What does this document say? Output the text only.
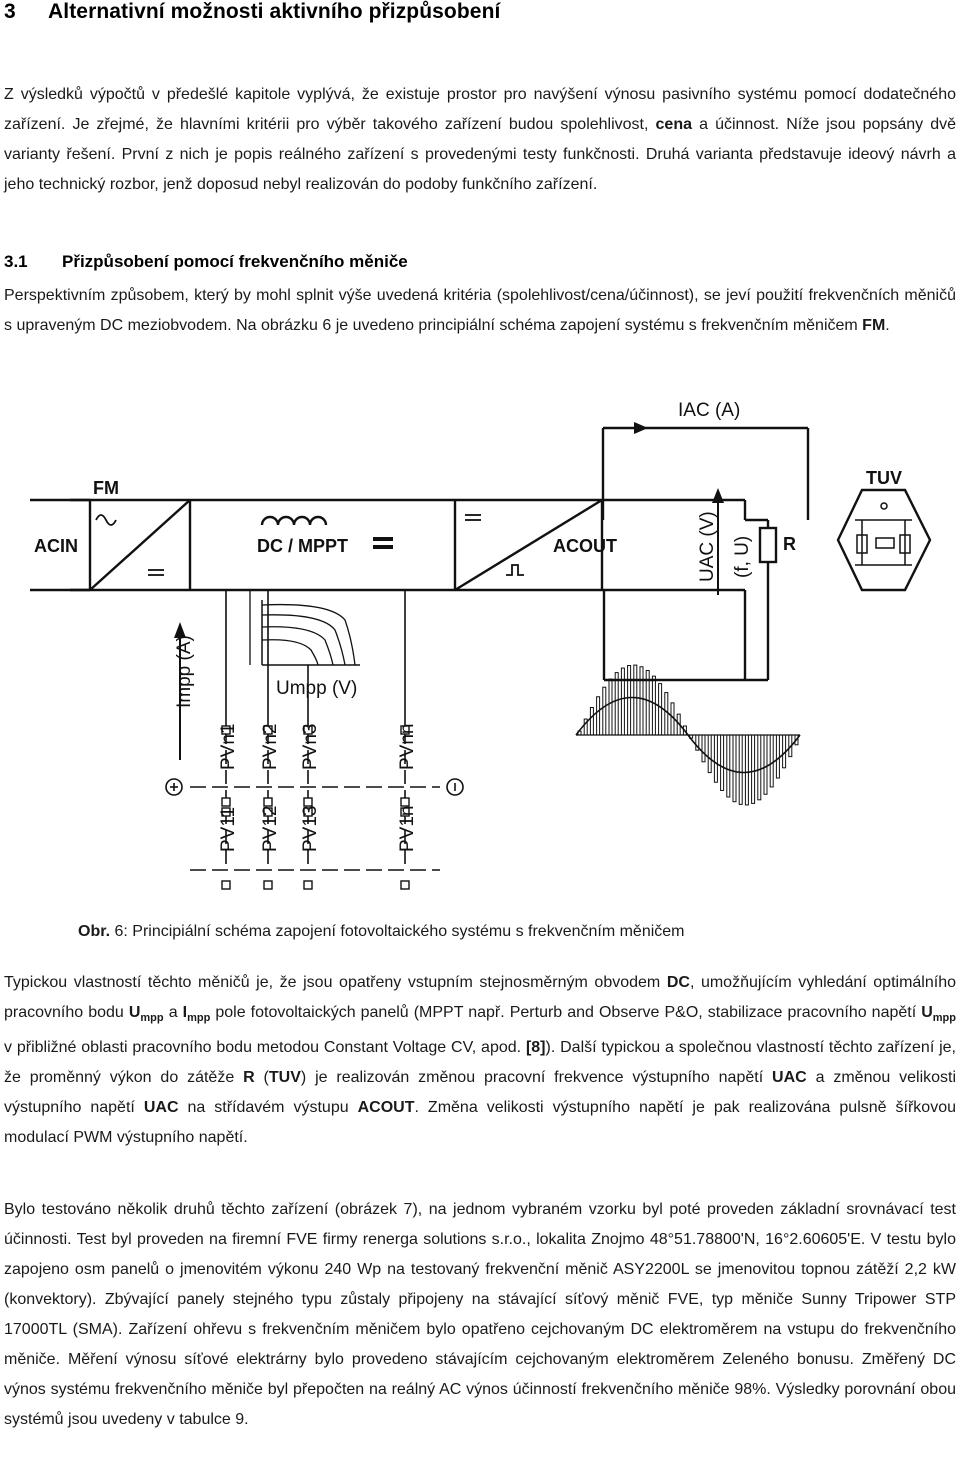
3 Alternativní možnosti aktivního přizpůsobení

Z výsledků výpočtů v předešlé kapitole vyplývá, že existuje prostor pro navýšení výnosu pasivního systému pomocí dodatečného zařízení. Je zřejmé, že hlavními kritérii pro výběr takového zařízení budou spolehlivost, cena a účinnost. Níže jsou popsány dvě varianty řešení. První z nich je popis reálného zařízení s provedenými testy funkčnosti. Druhá varianta představuje ideový návrh a jeho technický rozbor, jenž doposud nebyl realizován do podoby funkčního zařízení.

3.1 Přizpůsobení pomocí frekvenčního měniče

Perspektivním způsobem, který by mohl splnit výše uvedená kritéria (spolehlivost/cena/účinnost), se jeví použití frekvenčních měničů s upraveným DC meziobvodem. Na obrázku 6 je uvedeno principiální schéma zapojení systému s frekvenčním měničem FM.

IAC (A)
TUV
FM
ACIN	DC / MPPT	ACOUT	UAC (V) (f, U) R
Impp (A)	Umpp (V)
PVn1 PVn2 PVn3	PVnn
PV11 PV12 PV13	PV1n
Obr. 6: Principiální schéma zapojení fotovoltaického systému s frekvenčním měničem

Typickou vlastností těchto měničů je, že jsou opatřeny vstupním stejnosměrným obvodem DC, umožňujícím vyhledání optimálního pracovního bodu $U_{mpp}$ a $I_{mpp}$ pole fotovoltaických panelů (MPPT např. Perturb and Observe P&O, stabilizace pracovního napětí $U_{mpp}$ v přibližné oblasti pracovního bodu metodou Constant Voltage CV, apod. [8]). Další typickou a společnou vlastností těchto zařízení je, že proměnný výkon do zátěže R (TUV) je realizován změnou pracovní frekvence výstupního napětí UAC a změnou velikosti výstupního napětí UAC na střídavém výstupu ACOUT. Změna velikosti výstupního napětí je pak realizována pulsně šířkovou modulací PWM výstupního napětí.

Bylo testováno několik druhů těchto zařízení (obrázek 7), na jednom vybraném vzorku byl poté proveden základní srovnávací test účinnosti. Test byl proveden na firemní FVE firmy renerga solutions s.r.o., lokalita Znojmo 48°51.78800'N, 16°2.60605'E. V testu bylo zapojeno osm panelů o jmenovitém výkonu 240 Wp na testovaný frekvenční měnič ASY2200L se jmenovitou topnou zátěží 2,2 kW (konvektory). Zbývající panely stejného typu zůstaly připojeny na stávající síťový měnič FVE, typ měniče Sunny Tripower STP 17000TL (SMA). Zařízení ohřevu s frekvenčním měničem bylo opatřeno cejchovaným DC elektroměrem na vstupu do frekvenčního měniče. Měření výnosu síťové elektrárny bylo provedeno stávajícím cejchovaným elektroměrem Zeleného bonusu. Změřený DC výnos systému frekvenčního měniče byl přepočten na reálný AC výnos účinností frekvenčního měniče 98%. Výsledky porovnání obou systémů jsou uvedeny v tabulce 9.
